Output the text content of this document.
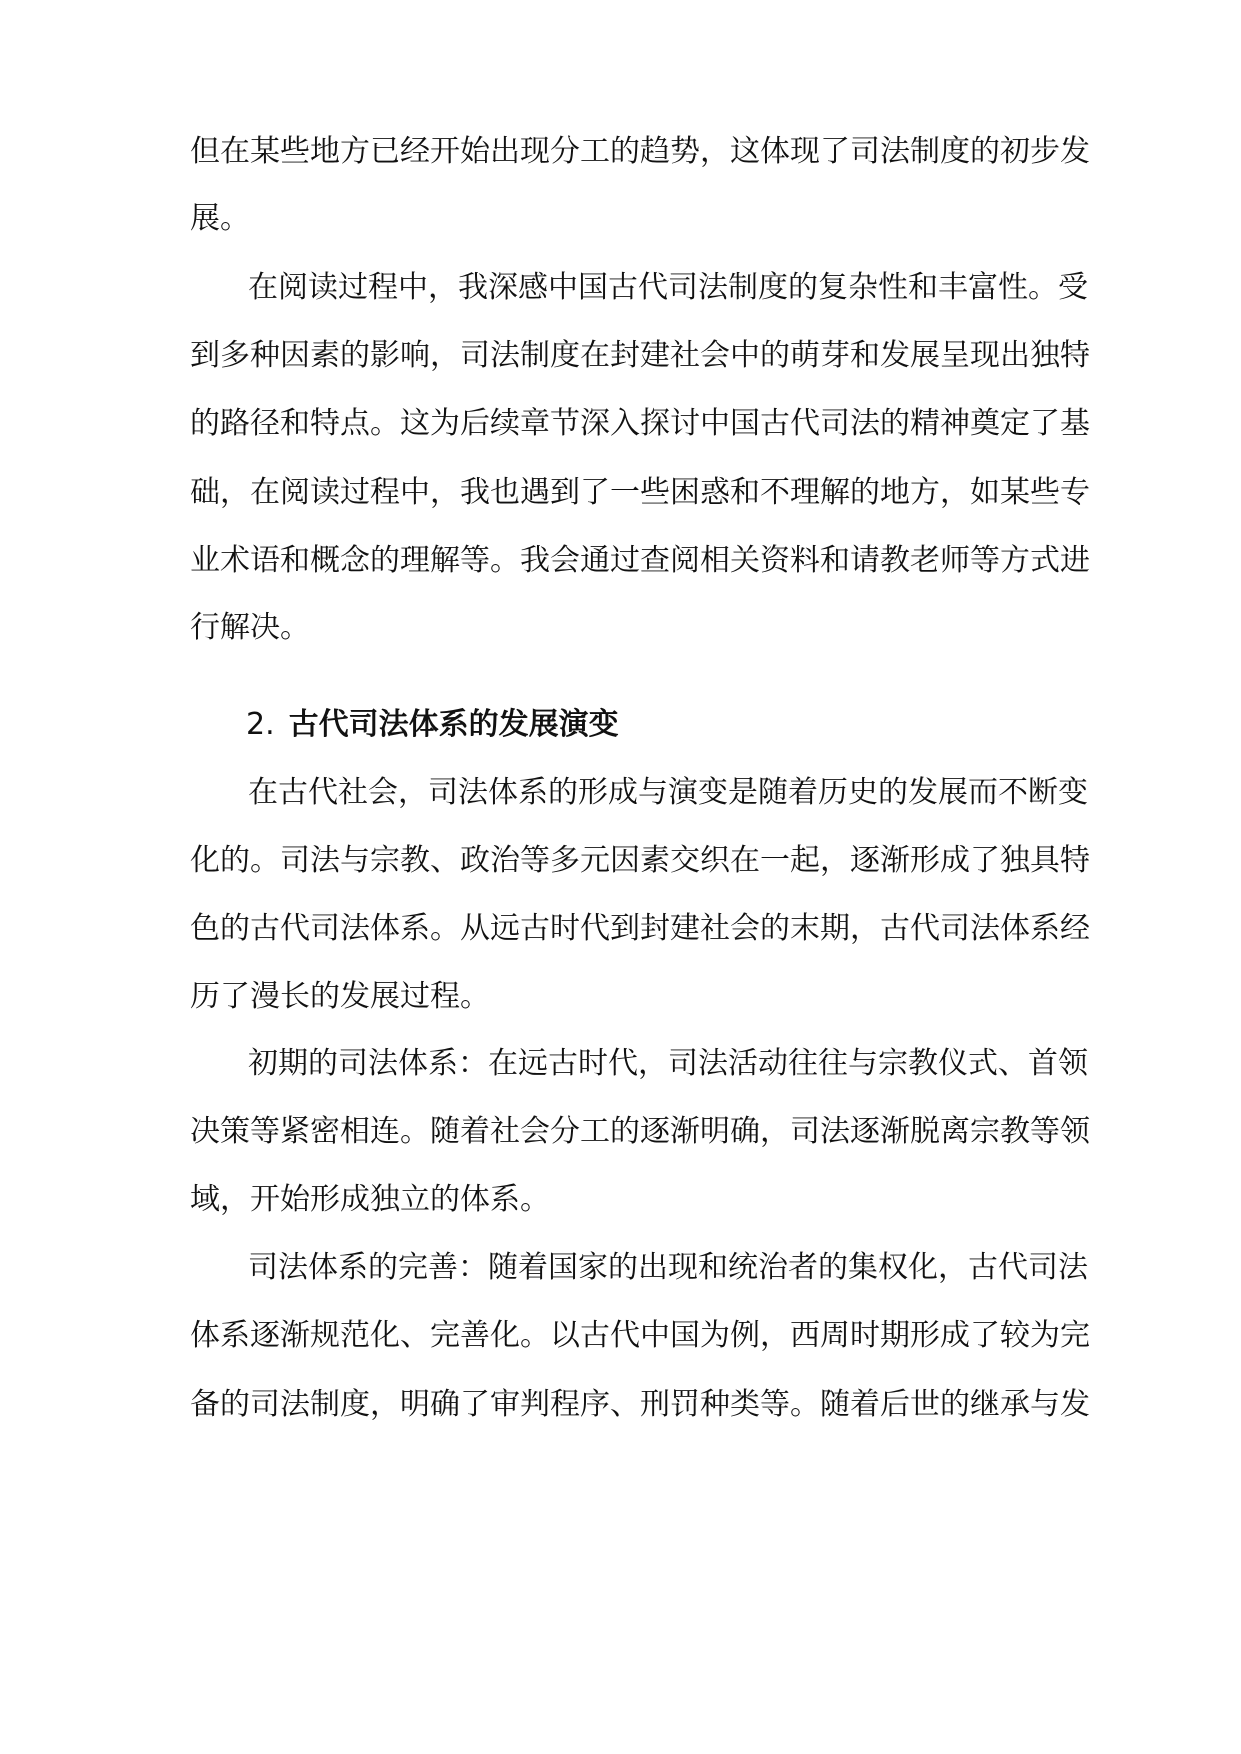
但在某些地方已经开始出现分工的趋势，这体现了司法制度的初步发
展。
在阅读过程中，我深感中国古代司法制度的复杂性和丰富性。受
到多种因素的影响，司法制度在封建社会中的萌芽和发展呈现出独特
的路径和特点。这为后续章节深入探讨中国古代司法的精神奠定了基
础，在阅读过程中，我也遇到了一些困惑和不理解的地方，如某些专
业术语和概念的理解等。我会通过查阅相关资料和请教老师等方式进
行解决。
2. 古代司法体系的发展演变
在古代社会，司法体系的形成与演变是随着历史的发展而不断变
化的。司法与宗教、政治等多元因素交织在一起，逐渐形成了独具特
色的古代司法体系。从远古时代到封建社会的末期，古代司法体系经
历了漫长的发展过程。
初期的司法体系：在远古时代，司法活动往往与宗教仪式、首领
决策等紧密相连。随着社会分工的逐渐明确，司法逐渐脱离宗教等领
域，开始形成独立的体系。
司法体系的完善：随着国家的出现和统治者的集权化，古代司法
体系逐渐规范化、完善化。以古代中国为例，西周时期形成了较为完
备的司法制度，明确了审判程序、刑罚种类等。随着后世的继承与发
